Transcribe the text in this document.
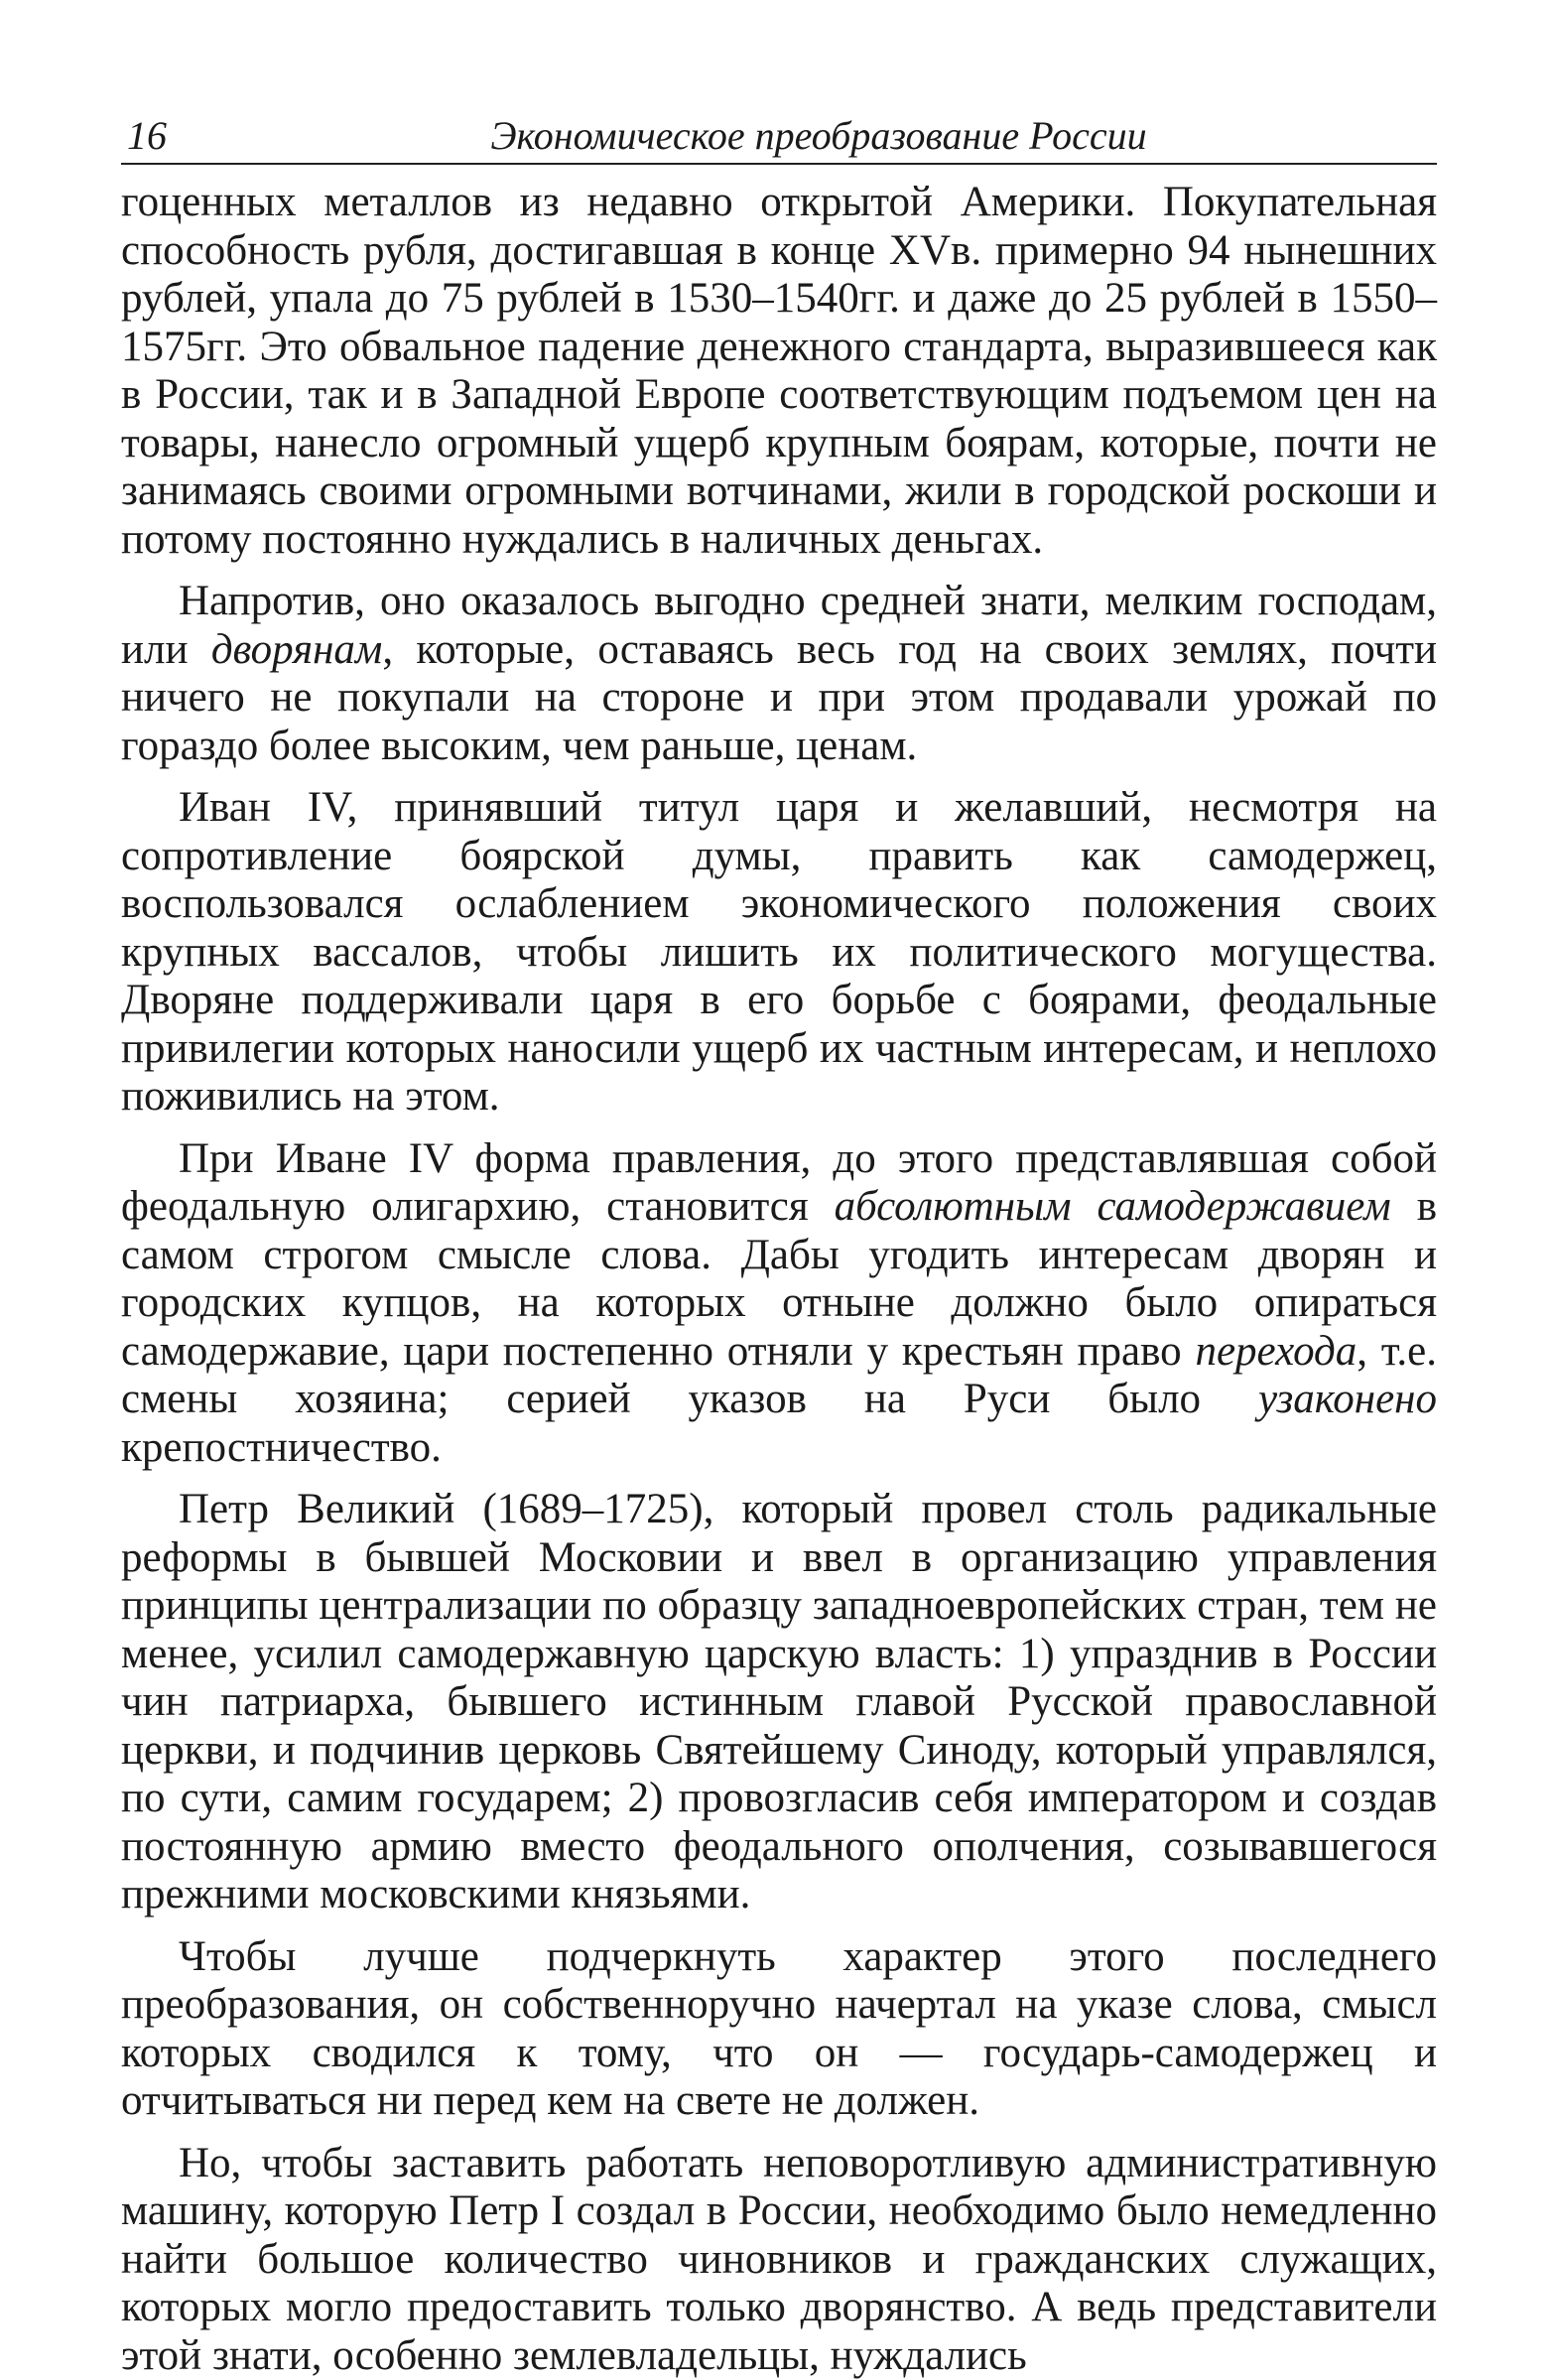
16	Экономическое преобразование России

гоценных металлов из недавно открытой Америки. Покупательная способность рубля, достигавшая в конце XVв. примерно 94 нынешних рублей, упала до 75 рублей в 1530–1540гг. и даже до 25 рублей в 1550–1575гг. Это обвальное падение денежного стандарта, выразившееся как в России, так и в Западной Европе соответствующим подъемом цен на товары, нанесло огромный ущерб крупным боярам, которые, почти не занимаясь своими огромными вотчинами, жили в городской роскоши и потому постоянно нуждались в наличных деньгах.

Напротив, оно оказалось выгодно средней знати, мелким господам, или дворянам, которые, оставаясь весь год на своих землях, почти ничего не покупали на стороне и при этом продавали урожай по гораздо более высоким, чем раньше, ценам.

Иван IV, принявший титул царя и желавший, несмотря на сопротивление боярской думы, править как самодержец, воспользовался ослаблением экономического положения своих крупных вассалов, чтобы лишить их политического могущества. Дворяне поддерживали царя в его борьбе с боярами, феодальные привилегии которых наносили ущерб их частным интересам, и неплохо поживились на этом.

При Иване IV форма правления, до этого представлявшая собой феодальную олигархию, становится абсолютным самодержавием в самом строгом смысле слова. Дабы угодить интересам дворян и городских купцов, на которых отныне должно было опираться самодержавие, цари постепенно отняли у крестьян право перехода, т.е. смены хозяина; серией указов на Руси было узаконено крепостничество.

Петр Великий (1689–1725), который провел столь радикальные реформы в бывшей Московии и ввел в организацию управления принципы централизации по образцу западноевропейских стран, тем не менее, усилил самодержавную царскую власть: 1) упразднив в России чин патриарха, бывшего истинным главой Русской православной церкви, и подчинив церковь Святейшему Синоду, который управлялся, по сути, самим государем; 2) провозгласив себя императором и создав постоянную армию вместо феодального ополчения, созывавшегося прежними московскими князьями.

Чтобы лучше подчеркнуть характер этого последнего преобразования, он собственноручно начертал на указе слова, смысл которых сводился к тому, что он — государь-самодержец и отчитываться ни перед кем на свете не должен.

Но, чтобы заставить работать неповоротливую административную машину, которую Петр I создал в России, необходимо было немедленно найти большое количество чиновников и гражданских служащих, которых могло предоставить только дворянство. А ведь представители этой знати, особенно землевладельцы, нуждались
